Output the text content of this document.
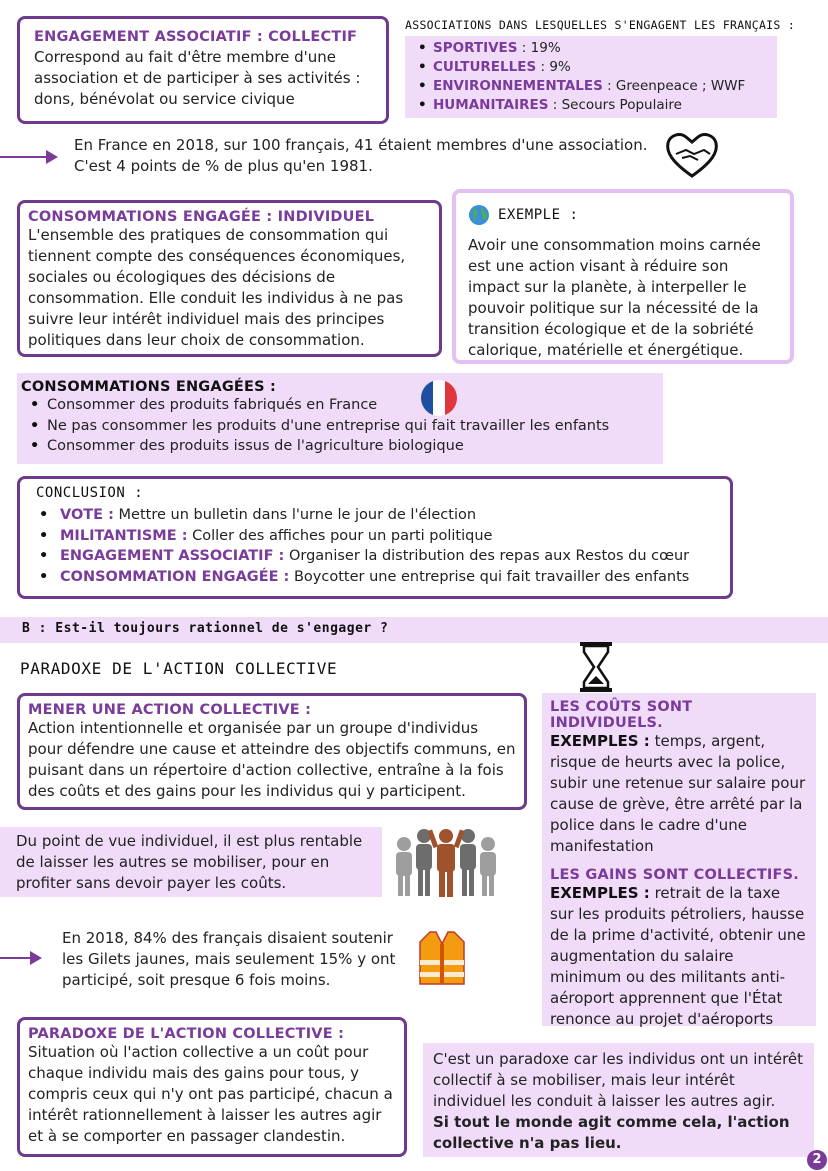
ENGAGEMENT ASSOCIATIF : COLLECTIF
Correspond au fait d'être membre d'une association et de participer à ses activités : dons, bénévolat ou service civique
ASSOCIATIONS DANS LESQUELLES S'ENGAGENT LES FRANÇAIS :
• SPORTIVES : 19%
• CULTURELLES : 9%
• ENVIRONNEMENTALES : Greenpeace ; WWF
• HUMANITAIRES : Secours Populaire
En France en 2018, sur 100 français, 41 étaient membres d'une association.
C'est 4 points de % de plus qu'en 1981.
CONSOMMATIONS ENGAGÉE : INDIVIDUEL
L'ensemble des pratiques de consommation qui tiennent compte des conséquences économiques, sociales ou écologiques des décisions de consommation. Elle conduit les individus à ne pas suivre leur intérêt individuel mais des principes politiques dans leur choix de consommation.
EXEMPLE :
Avoir une consommation moins carnée est une action visant à réduire son impact sur la planète, à interpeller le pouvoir politique sur la nécessité de la transition écologique et de la sobriété calorique, matérielle et énergétique.
CONSOMMATIONS ENGAGÉES :
• Consommer des produits fabriqués en France
• Ne pas consommer les produits d'une entreprise qui fait travailler les enfants
• Consommer des produits issus de l'agriculture biologique
CONCLUSION :
• VOTE : Mettre un bulletin dans l'urne le jour de l'élection
• MILITANTISME : Coller des affiches pour un parti politique
• ENGAGEMENT ASSOCIATIF : Organiser la distribution des repas aux Restos du cœur
• CONSOMMATION ENGAGÉE : Boycotter une entreprise qui fait travailler des enfants
B : Est-il toujours rationnel de s'engager ?
PARADOXE DE L'ACTION COLLECTIVE
MENER UNE ACTION COLLECTIVE :
Action intentionnelle et organisée par un groupe d'individus pour défendre une cause et atteindre des objectifs communs, en puisant dans un répertoire d'action collective, entraîne à la fois des coûts et des gains pour les individus qui y participent.
LES COÛTS SONT INDIVIDUELS.
EXEMPLES : temps, argent, risque de heurts avec la police, subir une retenue sur salaire pour cause de grève, être arrêté par la police dans le cadre d'une manifestation
LES GAINS SONT COLLECTIFS.
EXEMPLES : retrait de la taxe sur les produits pétroliers, hausse de la prime d'activité, obtenir une augmentation du salaire minimum ou des militants anti-aéroport apprennent que l'État renonce au projet d'aéroports
Du point de vue individuel, il est plus rentable de laisser les autres se mobiliser, pour en profiter sans devoir payer les coûts.
En 2018, 84% des français disaient soutenir les Gilets jaunes, mais seulement 15% y ont participé, soit presque 6 fois moins.
PARADOXE DE L'ACTION COLLECTIVE :
Situation où l'action collective a un coût pour chaque individu mais des gains pour tous, y compris ceux qui n'y ont pas participé, chacun a intérêt rationnellement à laisser les autres agir et à se comporter en passager clandestin.
C'est un paradoxe car les individus ont un intérêt collectif à se mobiliser, mais leur intérêt individuel les conduit à laisser les autres agir.
Si tout le monde agit comme cela, l'action collective n'a pas lieu.
2
